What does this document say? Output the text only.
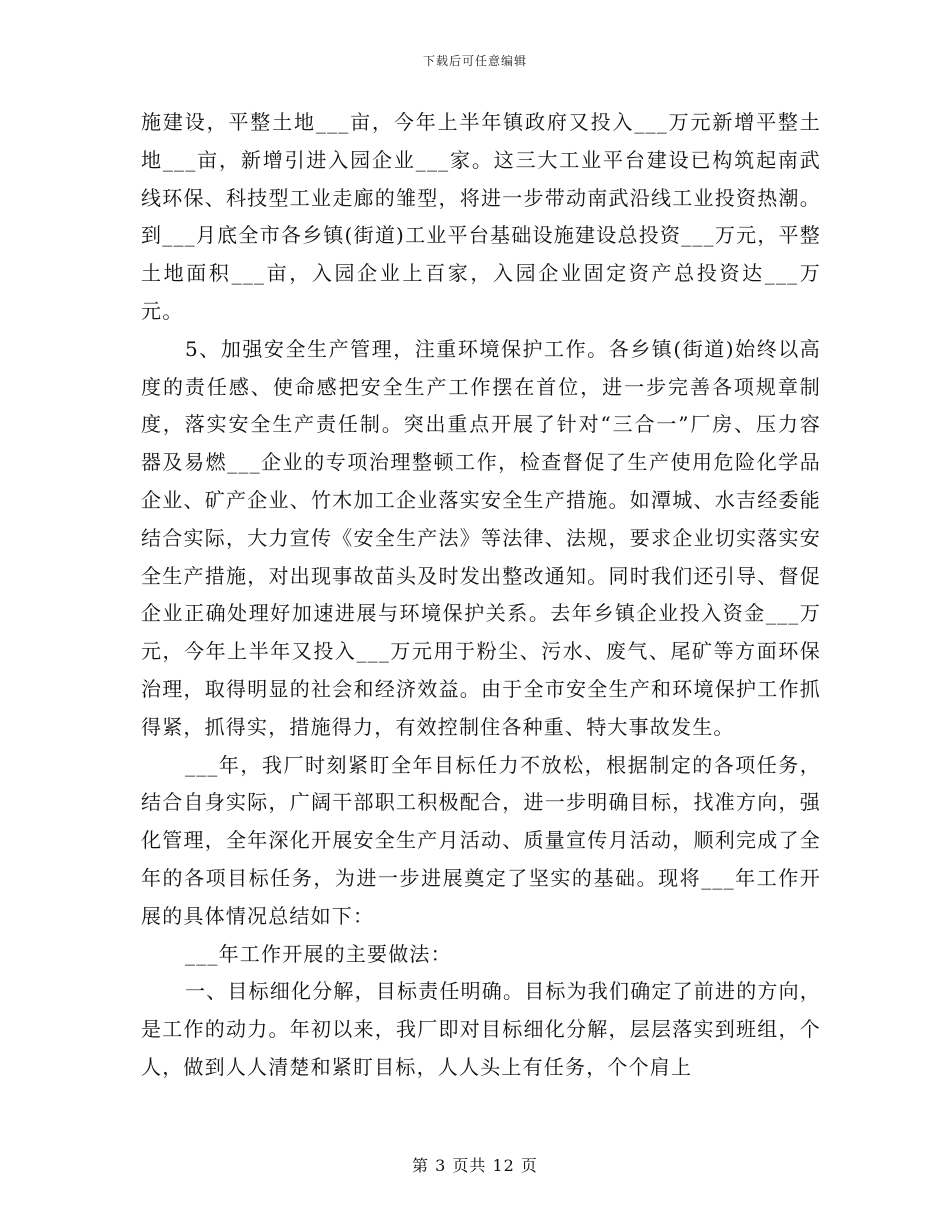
下载后可任意编辑

施建设，平整土地___亩，今年上半年镇政府又投入___万元新增平整土地___亩，新增引进入园企业___家。这三大工业平台建设已构筑起南武线环保、科技型工业走廊的雏型，将进一步带动南武沿线工业投资热潮。到___月底全市各乡镇(街道)工业平台基础设施建设总投资___万元，平整土地面积___亩，入园企业上百家，入园企业固定资产总投资达___万元。

5、加强安全生产管理，注重环境保护工作。各乡镇(街道)始终以高度的责任感、使命感把安全生产工作摆在首位，进一步完善各项规章制度，落实安全生产责任制。突出重点开展了针对“三合一”厂房、压力容器及易燃___企业的专项治理整顿工作，检查督促了生产使用危险化学品企业、矿产企业、竹木加工企业落实安全生产措施。如潭城、水吉经委能结合实际，大力宣传《安全生产法》等法律、法规，要求企业切实落实安全生产措施，对出现事故苗头及时发出整改通知。同时我们还引导、督促企业正确处理好加速进展与环境保护关系。去年乡镇企业投入资金___万元，今年上半年又投入___万元用于粉尘、污水、废气、尾矿等方面环保治理，取得明显的社会和经济效益。由于全市安全生产和环境保护工作抓得紧，抓得实，措施得力，有效控制住各种重、特大事故发生。

___年，我厂时刻紧盯全年目标任力不放松，根据制定的各项任务，结合自身实际，广阔干部职工积极配合，进一步明确目标，找准方向，强化管理，全年深化开展安全生产月活动、质量宣传月活动，顺利完成了全年的各项目标任务，为进一步进展奠定了坚实的基础。现将___年工作开展的具体情况总结如下：

___年工作开展的主要做法：

一、目标细化分解，目标责任明确。目标为我们确定了前进的方向，是工作的动力。年初以来，我厂即对目标细化分解，层层落实到班组，个人，做到人人清楚和紧盯目标，人人头上有任务，个个肩上

第 3 页共 12 页
